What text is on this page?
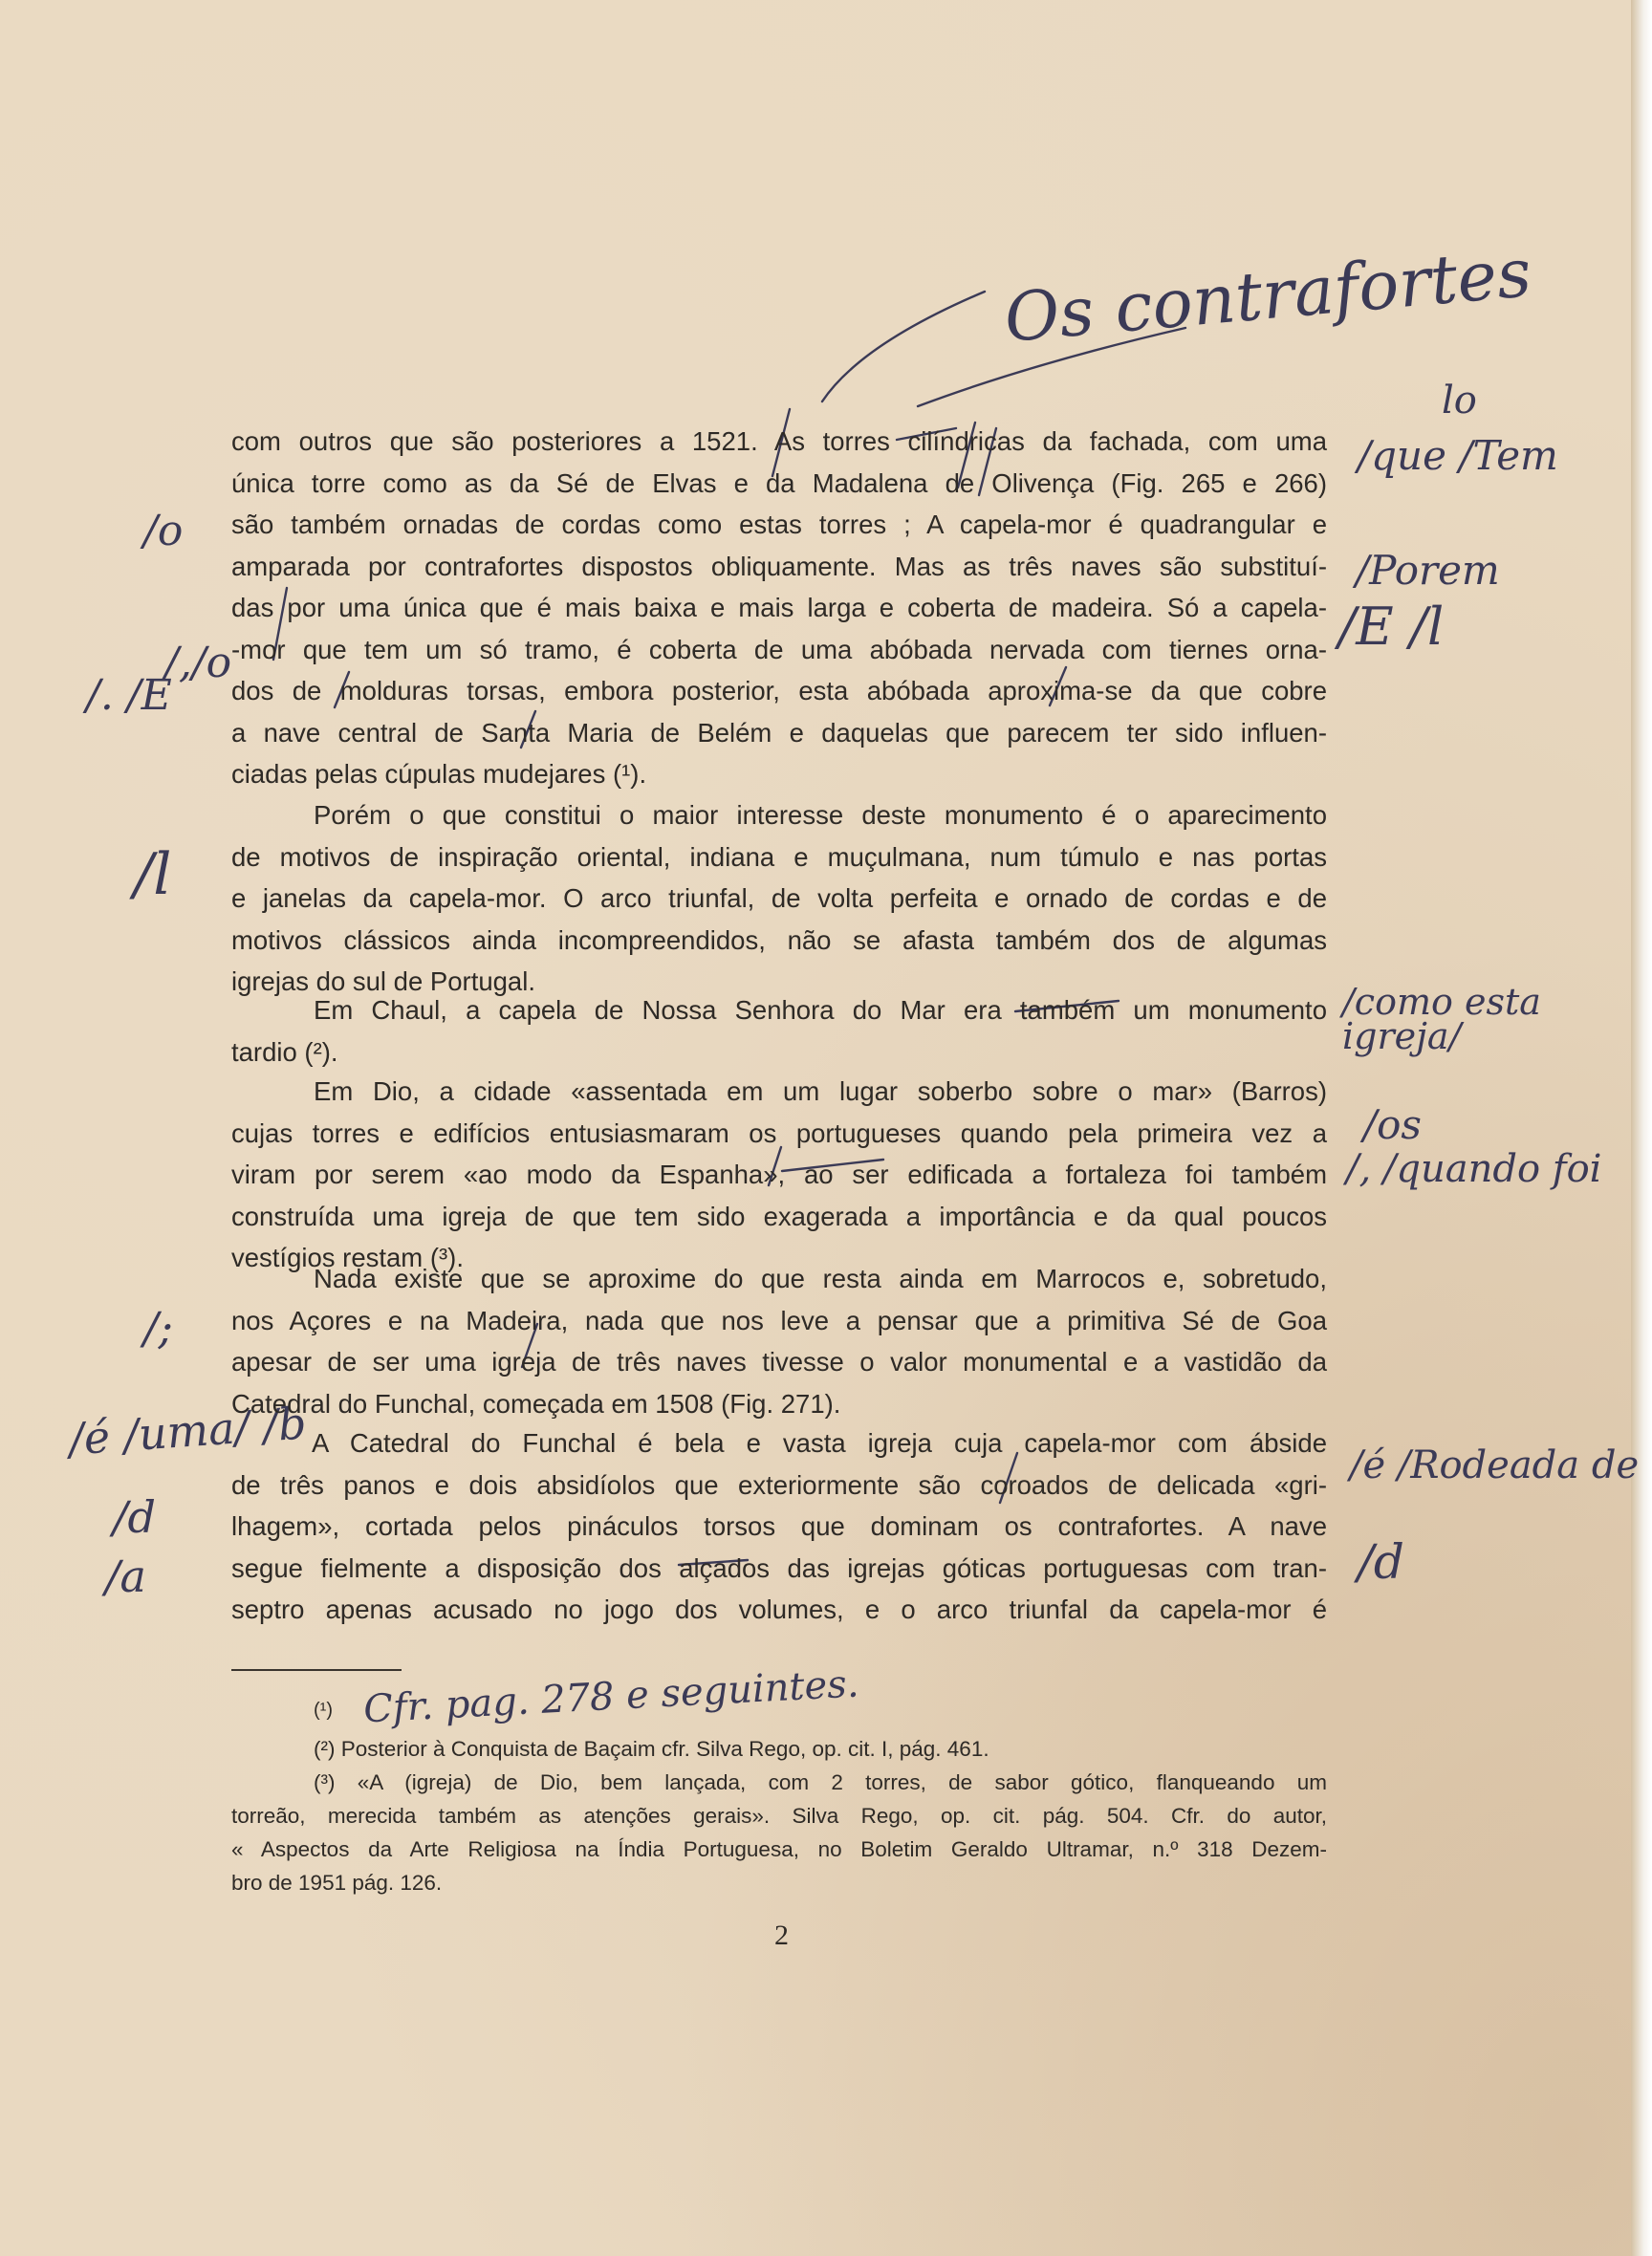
Os contrafortes
/o
/,/o
/. /E
/l
/;
/é /uma/ /b
/d
/a
lo
/que /Tem
/Porem
/E /l
/como esta igreja/
/os
/, /quando foi
/é /Rodeada de
/d
com outros que são posteriores a 1521. As torres cilíndricas da fachada, com uma
única torre como as da Sé de Elvas e da Madalena de Olivença (Fig. 265 e 266)
são também ornadas de cordas como estas torres ; A capela-mor é quadrangular e
amparada por contrafortes dispostos obliquamente. Mas as três naves são substituí-
das por uma única que é mais baixa e mais larga e coberta de madeira. Só a capela-
-mor que tem um só tramo, é coberta de uma abóbada nervada com tiernes orna-
dos de molduras torsas, embora posterior, esta abóbada aproxima-se da que cobre
a nave central de Santa Maria de Belém e daquelas que parecem ter sido influen-
ciadas pelas cúpulas mudejares (¹).
Porém o que constitui o maior interesse deste monumento é o aparecimento
de motivos de inspiração oriental, indiana e muçulmana, num túmulo e nas portas
e janelas da capela-mor. O arco triunfal, de volta perfeita e ornado de cordas e de
motivos clássicos ainda incompreendidos, não se afasta também dos de algumas
igrejas do sul de Portugal.
Em Chaul, a capela de Nossa Senhora do Mar era também um monumento
tardio (²).
Em Dio, a cidade «assentada em um lugar soberbo sobre o mar» (Barros)
cujas torres e edifícios entusiasmaram os portugueses quando pela primeira vez a
viram por serem «ao modo da Espanha», ao ser edificada a fortaleza foi também
construída uma igreja de que tem sido exagerada a importância e da qual poucos
vestígios restam (³).
Nada existe que se aproxime do que resta ainda em Marrocos e, sobretudo,
nos Açores e na Madeira, nada que nos leve a pensar que a primitiva Sé de Goa
apesar de ser uma igreja de três naves tivesse o valor monumental e a vastidão da
Catedral do Funchal, começada em 1508 (Fig. 271).
A Catedral do Funchal é bela e vasta igreja cuja capela-mor com ábside
de três panos e dois absidíolos que exteriormente são coroados de delicada «gri-
lhagem», cortada pelos pináculos torsos que dominam os contrafortes. A nave
segue fielmente a disposição dos alçados das igrejas góticas portuguesas com tran-
septro apenas acusado no jogo dos volumes, e o arco triunfal da capela-mor é
(¹) Cfr. pag. 278 e seguintes.
(²) Posterior à Conquista de Baçaim cfr. Silva Rego, op. cit. I, pág. 461.
(³) «A (igreja) de Dio, bem lançada, com 2 torres, de sabor gótico, flanqueando um
torreão, merecida também as atenções gerais». Silva Rego, op. cit. pág. 504. Cfr. do autor,
« Aspectos da Arte Religiosa na Índia Portuguesa, no Boletim Geraldo Ultramar, n.º 318 Dezem-
bro de 1951 pág. 126.
2
